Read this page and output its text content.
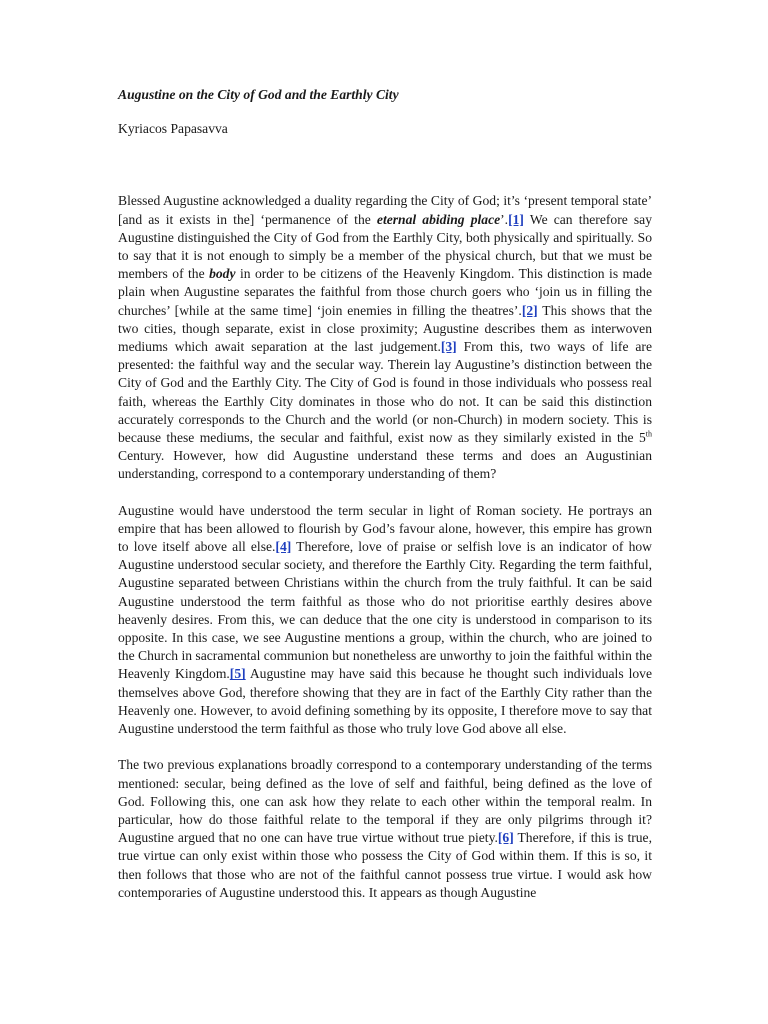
Augustine on the City of God and the Earthly City

Kyriacos Papasavva

Blessed Augustine acknowledged a duality regarding the City of God; it’s ‘present temporal state’ [and as it exists in the] ‘permanence of the eternal abiding place’.[1] We can therefore say Augustine distinguished the City of God from the Earthly City, both physically and spiritually. So to say that it is not enough to simply be a member of the physical church, but that we must be members of the body in order to be citizens of the Heavenly Kingdom. This distinction is made plain when Augustine separates the faithful from those church goers who ‘join us in filling the churches’ [while at the same time] ‘join enemies in filling the theatres’.[2] This shows that the two cities, though separate, exist in close proximity; Augustine describes them as interwoven mediums which await separation at the last judgement.[3] From this, two ways of life are presented: the faithful way and the secular way. Therein lay Augustine’s distinction between the City of God and the Earthly City. The City of God is found in those individuals who possess real faith, whereas the Earthly City dominates in those who do not. It can be said this distinction accurately corresponds to the Church and the world (or non-Church) in modern society. This is because these mediums, the secular and faithful, exist now as they similarly existed in the 5th Century. However, how did Augustine understand these terms and does an Augustinian understanding, correspond to a contemporary understanding of them?

Augustine would have understood the term secular in light of Roman society. He portrays an empire that has been allowed to flourish by God’s favour alone, however, this empire has grown to love itself above all else.[4] Therefore, love of praise or selfish love is an indicator of how Augustine understood secular society, and therefore the Earthly City. Regarding the term faithful, Augustine separated between Christians within the church from the truly faithful. It can be said Augustine understood the term faithful as those who do not prioritise earthly desires above heavenly desires. From this, we can deduce that the one city is understood in comparison to its opposite. In this case, we see Augustine mentions a group, within the church, who are joined to the Church in sacramental communion but nonetheless are unworthy to join the faithful within the Heavenly Kingdom.[5] Augustine may have said this because he thought such individuals love themselves above God, therefore showing that they are in fact of the Earthly City rather than the Heavenly one. However, to avoid defining something by its opposite, I therefore move to say that Augustine understood the term faithful as those who truly love God above all else.

The two previous explanations broadly correspond to a contemporary understanding of the terms mentioned: secular, being defined as the love of self and faithful, being defined as the love of God. Following this, one can ask how they relate to each other within the temporal realm. In particular, how do those faithful relate to the temporal if they are only pilgrims through it? Augustine argued that no one can have true virtue without true piety.[6] Therefore, if this is true, true virtue can only exist within those who possess the City of God within them. If this is so, it then follows that those who are not of the faithful cannot possess true virtue. I would ask how contemporaries of Augustine understood this. It appears as though Augustine
